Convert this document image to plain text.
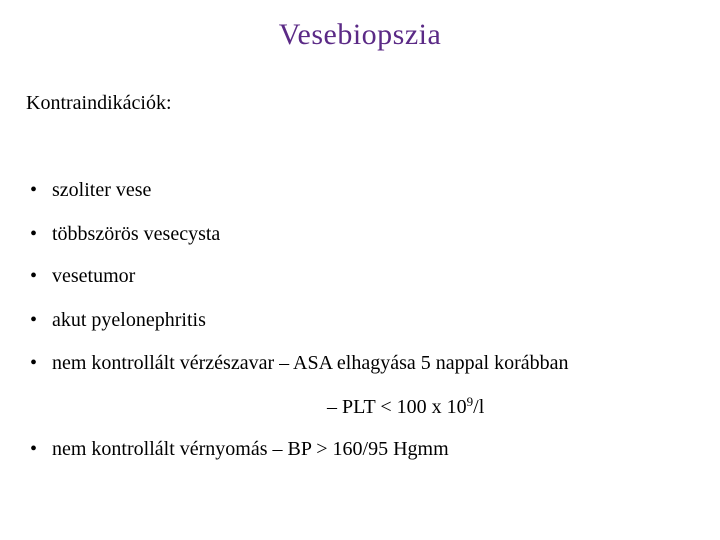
Vesebiopszia
Kontraindikációk:
• szoliter vese
• többszörös vesecysta
• vesetumor
• akut pyelonephritis
• nem kontrollált vérzészavar – ASA elhagyása 5 nappal korábban
– PLT < 100 x $10^9/l$
• nem kontrollált vérnyomás – BP > 160/95 Hgmm
